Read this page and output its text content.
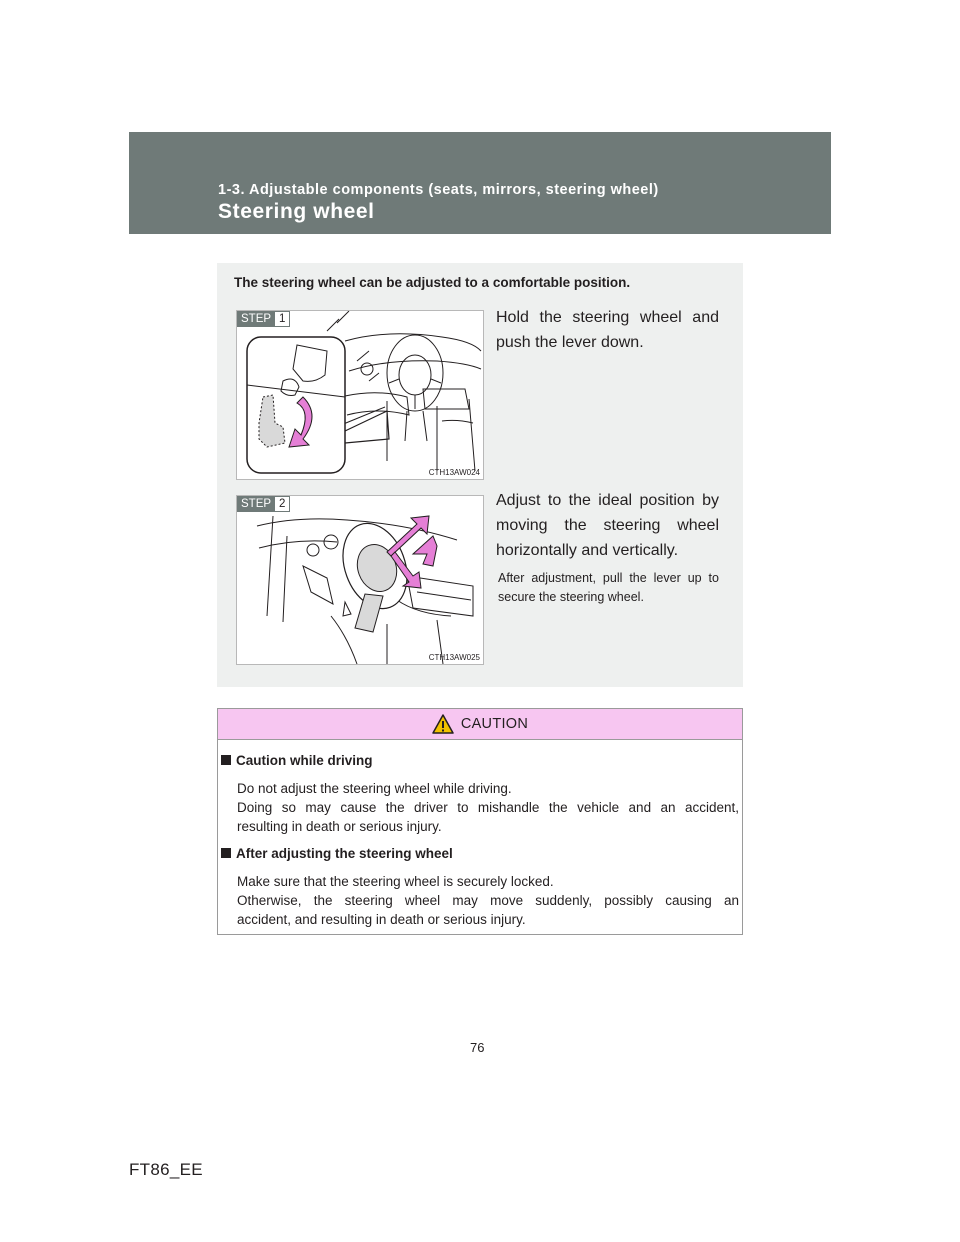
1-3. Adjustable components (seats, mirrors, steering wheel)
Steering wheel
The steering wheel can be adjusted to a comfortable position.
STEP 1
CTH13AW024
Hold the steering wheel and push the lever down.
STEP 2
CTH13AW025
Adjust to the ideal position by moving the steering wheel horizontally and vertically.
After adjustment, pull the lever up to secure the steering wheel.
CAUTION
Caution while driving
Do not adjust the steering wheel while driving.
Doing so may cause the driver to mishandle the vehicle and an accident,
resulting in death or serious injury.
After adjusting the steering wheel
Make sure that the steering wheel is securely locked.
Otherwise, the steering wheel may move suddenly, possibly causing an
accident, and resulting in death or serious injury.
76
FT86_EE
